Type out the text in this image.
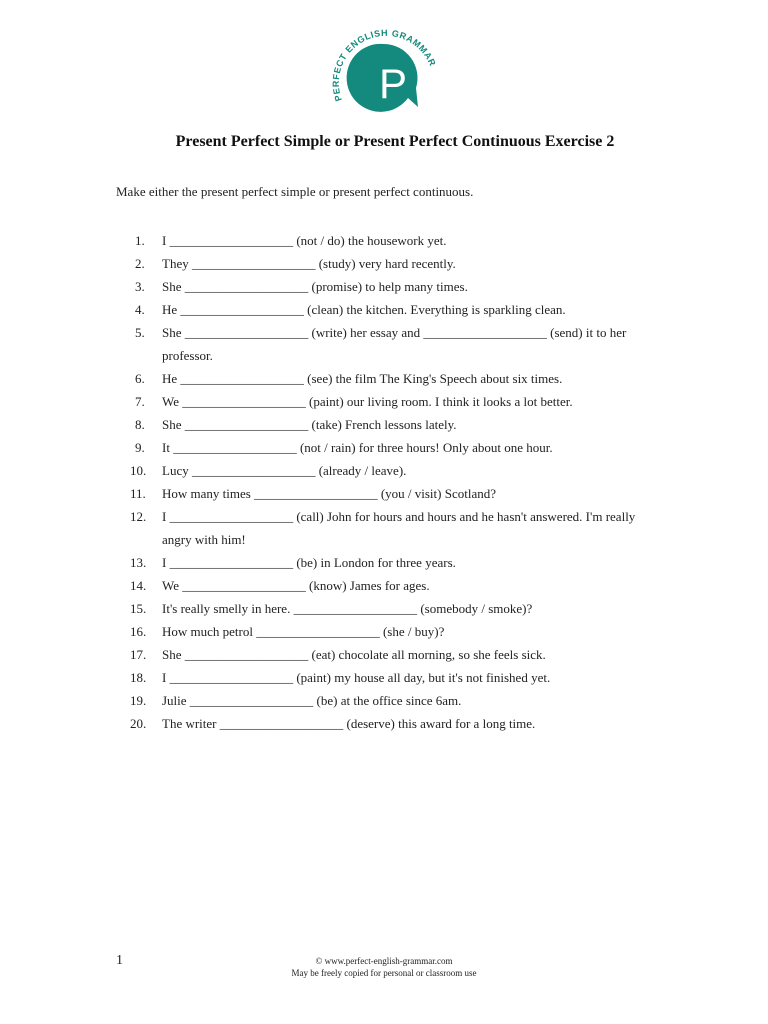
PERFECT ENGLISH GRAMMAR
P
Present Perfect Simple or Present Perfect Continuous Exercise 2
Make either the present perfect simple or present perfect continuous.
1.	I ___________________ (not / do) the housework yet.
2.	They ___________________ (study) very hard recently.
3.	She ___________________ (promise) to help many times.
4.	He ___________________ (clean) the kitchen. Everything is sparkling clean.
5.	She ___________________ (write) her essay and ___________________ (send) it to her professor.
6.	He ___________________ (see) the film The King's Speech about six times.
7.	We ___________________ (paint) our living room. I think it looks a lot better.
8.	She ___________________ (take) French lessons lately.
9.	It ___________________ (not / rain) for three hours! Only about one hour.
10.	Lucy ___________________ (already / leave).
11.	How many times ___________________ (you / visit) Scotland?
12.	I ___________________ (call) John for hours and hours and he hasn't answered. I'm really angry with him!
13.	I ___________________ (be) in London for three years.
14.	We ___________________ (know) James for ages.
15.	It's really smelly in here. ___________________ (somebody / smoke)?
16.	How much petrol ___________________ (she / buy)?
17.	She ___________________ (eat) chocolate all morning, so she feels sick.
18.	I ___________________ (paint) my house all day, but it's not finished yet.
19.	Julie ___________________ (be) at the office since 6am.
20.	The writer ___________________ (deserve) this award for a long time.
1	© www.perfect-english-grammar.com
May be freely copied for personal or classroom use
